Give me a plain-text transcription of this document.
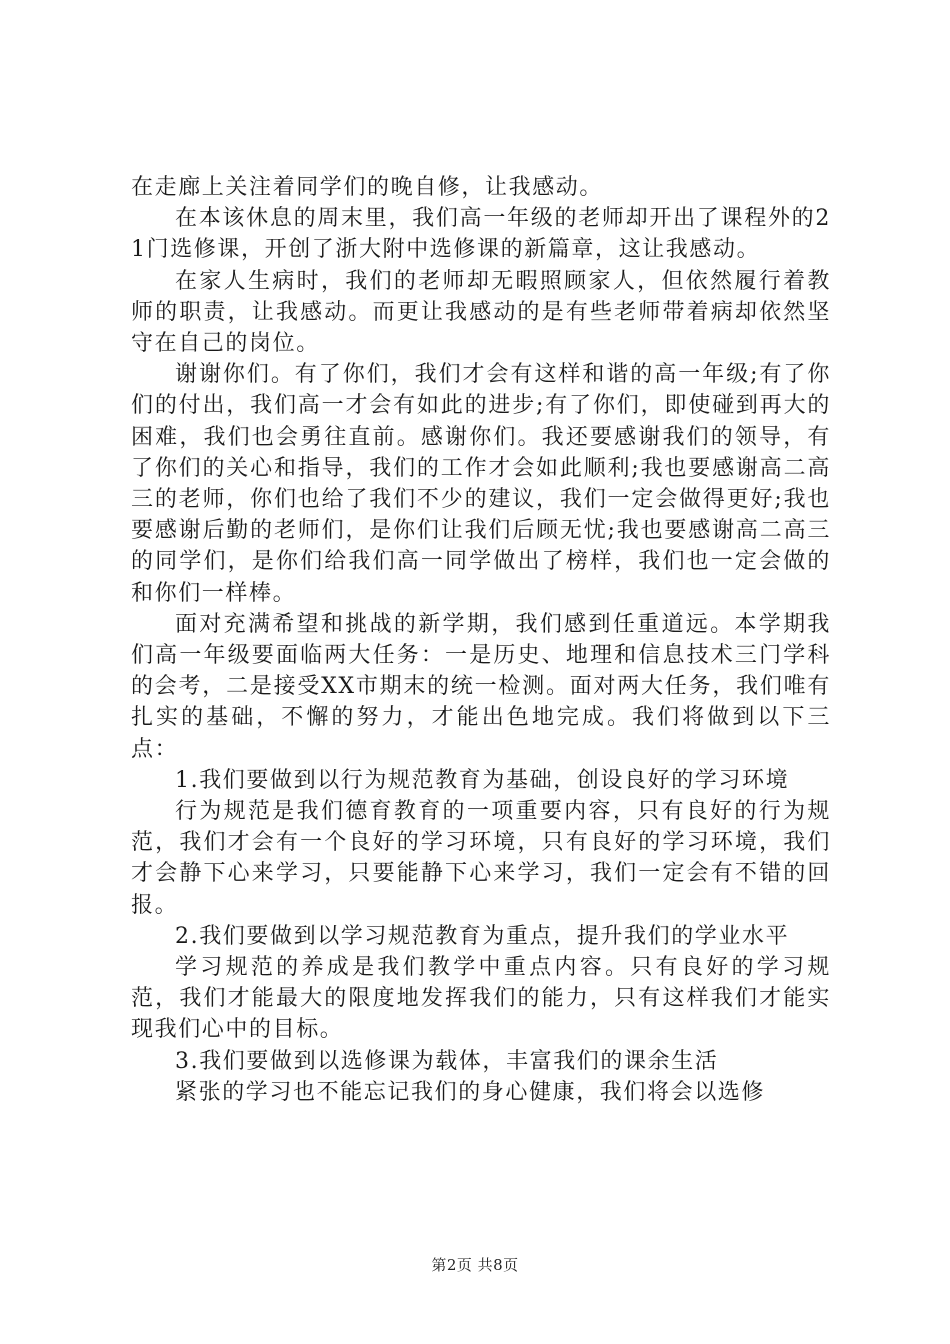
在走廊上关注着同学们的晚自修，让我感动。

在本该休息的周末里，我们高一年级的老师却开出了课程外的21门选修课，开创了浙大附中选修课的新篇章，这让我感动。

在家人生病时，我们的老师却无暇照顾家人，但依然履行着教师的职责，让我感动。而更让我感动的是有些老师带着病却依然坚守在自己的岗位。

谢谢你们。有了你们，我们才会有这样和谐的高一年级;有了你们的付出，我们高一才会有如此的进步;有了你们，即使碰到再大的困难，我们也会勇往直前。感谢你们。我还要感谢我们的领导，有了你们的关心和指导，我们的工作才会如此顺利;我也要感谢高二高三的老师，你们也给了我们不少的建议，我们一定会做得更好;我也要感谢后勤的老师们，是你们让我们后顾无忧;我也要感谢高二高三的同学们，是你们给我们高一同学做出了榜样，我们也一定会做的和你们一样棒。

面对充满希望和挑战的新学期，我们感到任重道远。本学期我们高一年级要面临两大任务：一是历史、地理和信息技术三门学科的会考，二是接受XX市期末的统一检测。面对两大任务，我们唯有扎实的基础，不懈的努力，才能出色地完成。我们将做到以下三点：

1.我们要做到以行为规范教育为基础，创设良好的学习环境

行为规范是我们德育教育的一项重要内容，只有良好的行为规范，我们才会有一个良好的学习环境，只有良好的学习环境，我们才会静下心来学习，只要能静下心来学习，我们一定会有不错的回报。

2.我们要做到以学习规范教育为重点，提升我们的学业水平

学习规范的养成是我们教学中重点内容。只有良好的学习规范，我们才能最大的限度地发挥我们的能力，只有这样我们才能实现我们心中的目标。

3.我们要做到以选修课为载体，丰富我们的课余生活

紧张的学习也不能忘记我们的身心健康，我们将会以选修

第2页 共8页
